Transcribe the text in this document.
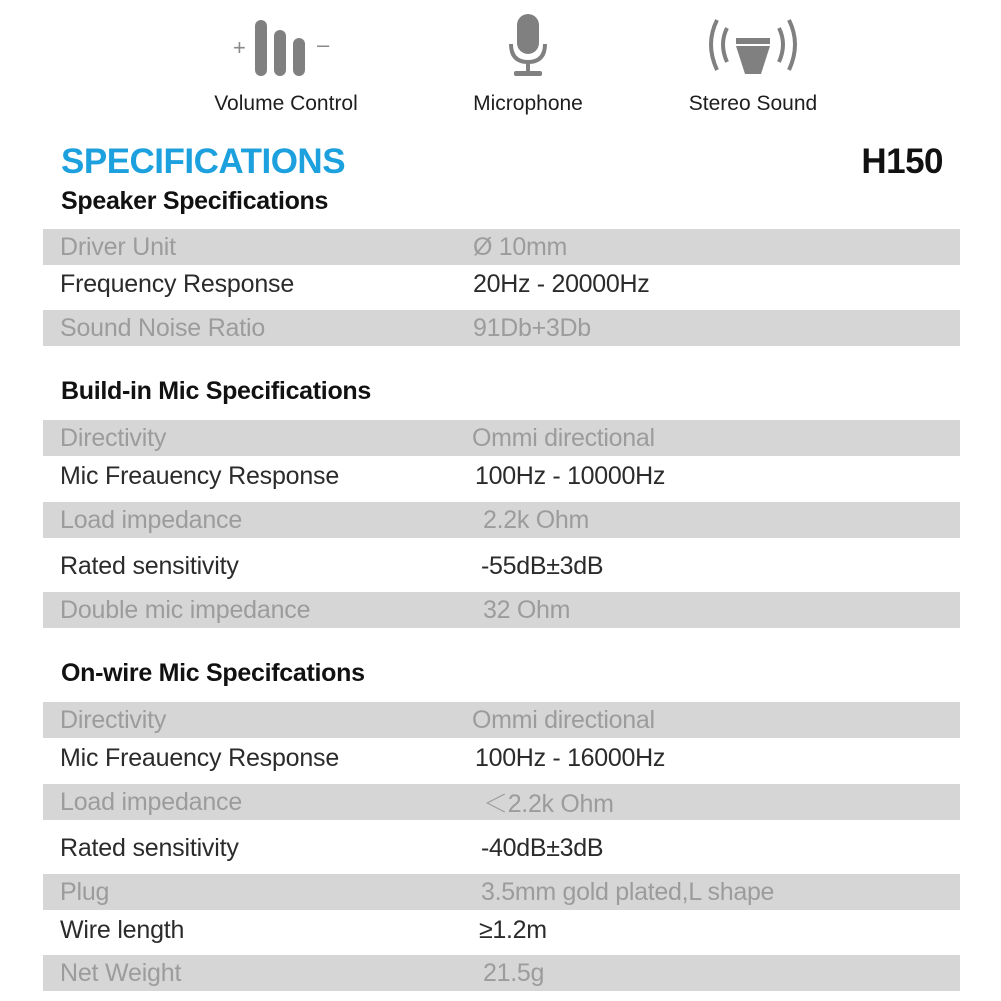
+	–
Volume Control	Microphone	Stereo Sound
SPECIFICATIONS	H150
Speaker Specifications
Driver Unit	Ø 10mm
Frequency Response	20Hz - 20000Hz
Sound Noise Ratio	91Db+3Db
Build-in Mic Specifications
Directivity	Ommi directional
Mic Freauency Response	100Hz - 10000Hz
Load impedance	2.2k Ohm
Rated sensitivity	-55dB±3dB
Double mic impedance	32 Ohm
On-wire Mic Specifcations
Directivity	Ommi directional
Mic Freauency Response	100Hz - 16000Hz
Load impedance	＜2.2k Ohm
Rated sensitivity	-40dB±3dB
Plug	3.5mm gold plated,L shape
Wire length	≥1.2m
Net Weight	21.5g
